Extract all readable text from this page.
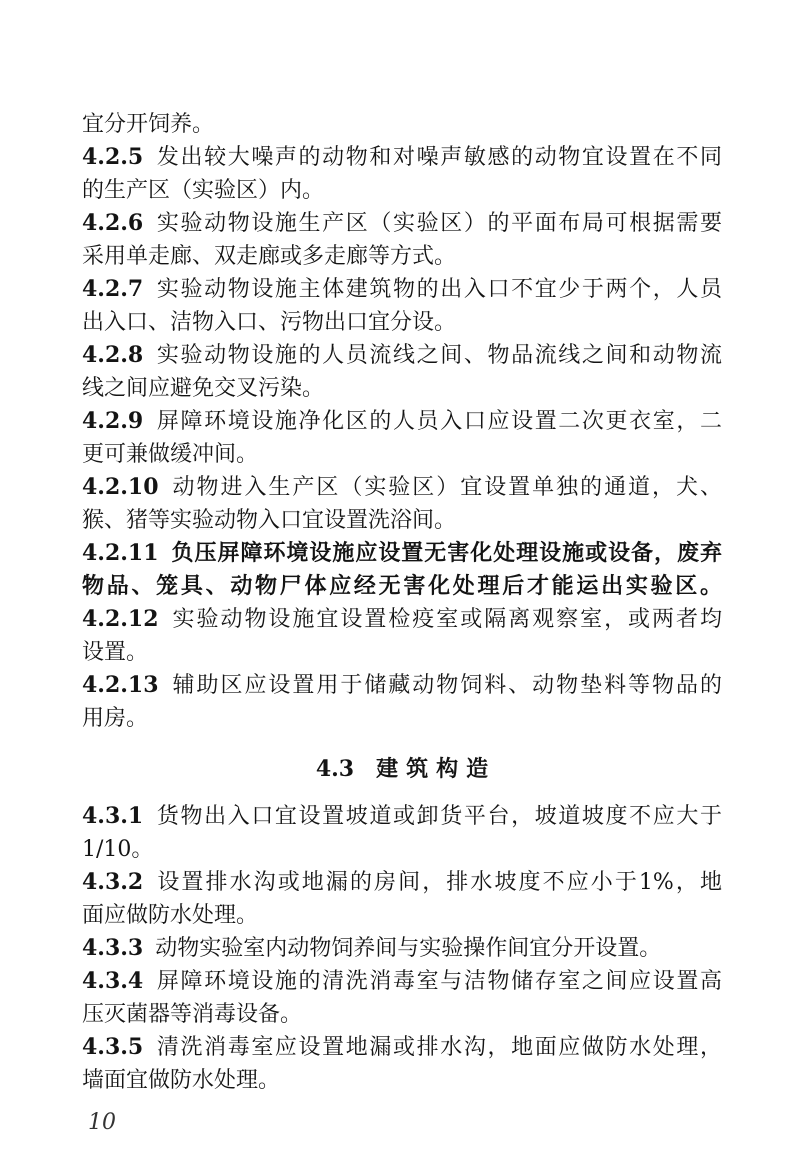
宜分开饲养。
4.2.5 发出较大噪声的动物和对噪声敏感的动物宜设置在不同
的生产区（实验区）内。
4.2.6 实验动物设施生产区（实验区）的平面布局可根据需要
采用单走廊、双走廊或多走廊等方式。
4.2.7 实验动物设施主体建筑物的出入口不宜少于两个，人员
出入口、洁物入口、污物出口宜分设。
4.2.8 实验动物设施的人员流线之间、物品流线之间和动物流
线之间应避免交叉污染。
4.2.9 屏障环境设施净化区的人员入口应设置二次更衣室，二
更可兼做缓冲间。
4.2.10 动物进入生产区（实验区）宜设置单独的通道，犬、
猴、猪等实验动物入口宜设置洗浴间。
4.2.11 负压屏障环境设施应设置无害化处理设施或设备，废弃
物品、笼具、动物尸体应经无害化处理后才能运出实验区。
4.2.12 实验动物设施宜设置检疫室或隔离观察室，或两者均
设置。
4.2.13 辅助区应设置用于储藏动物饲料、动物垫料等物品的
用房。
4.3 建筑构造
4.3.1 货物出入口宜设置坡道或卸货平台，坡道坡度不应大于
1/10。
4.3.2 设置排水沟或地漏的房间，排水坡度不应小于1%，地
面应做防水处理。
4.3.3 动物实验室内动物饲养间与实验操作间宜分开设置。
4.3.4 屏障环境设施的清洗消毒室与洁物储存室之间应设置高
压灭菌器等消毒设备。
4.3.5 清洗消毒室应设置地漏或排水沟，地面应做防水处理，
墙面宜做防水处理。
10
